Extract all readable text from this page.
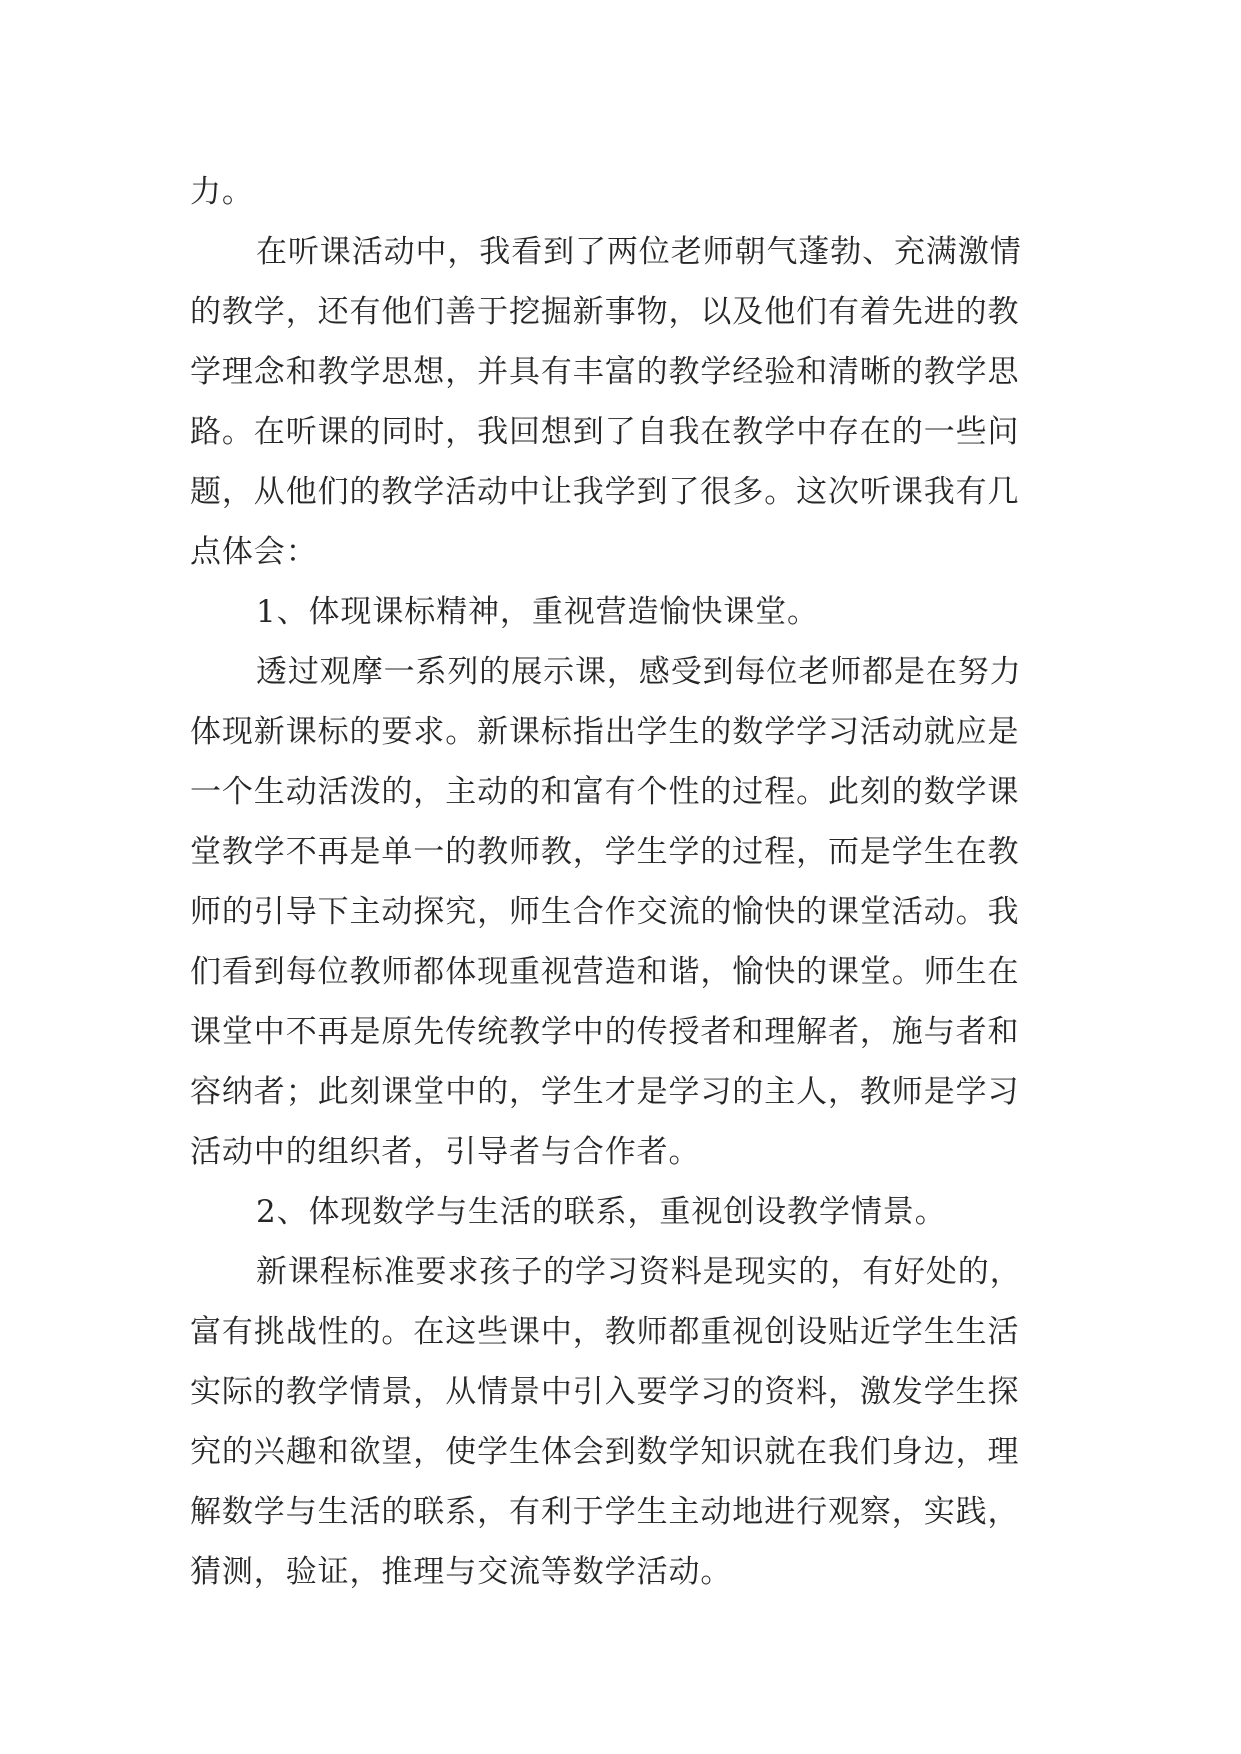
力。
在听课活动中，我看到了两位老师朝气蓬勃、充满激情
的教学，还有他们善于挖掘新事物，以及他们有着先进的教
学理念和教学思想，并具有丰富的教学经验和清晰的教学思
路。在听课的同时，我回想到了自我在教学中存在的一些问
题，从他们的教学活动中让我学到了很多。这次听课我有几
点体会：
1、体现课标精神，重视营造愉快课堂。
透过观摩一系列的展示课，感受到每位老师都是在努力
体现新课标的要求。新课标指出学生的数学学习活动就应是
一个生动活泼的，主动的和富有个性的过程。此刻的数学课
堂教学不再是单一的教师教，学生学的过程，而是学生在教
师的引导下主动探究，师生合作交流的愉快的课堂活动。我
们看到每位教师都体现重视营造和谐，愉快的课堂。师生在
课堂中不再是原先传统教学中的传授者和理解者，施与者和
容纳者；此刻课堂中的，学生才是学习的主人，教师是学习
活动中的组织者，引导者与合作者。
2、体现数学与生活的联系，重视创设教学情景。
新课程标准要求孩子的学习资料是现实的，有好处的，
富有挑战性的。在这些课中，教师都重视创设贴近学生生活
实际的教学情景，从情景中引入要学习的资料，激发学生探
究的兴趣和欲望，使学生体会到数学知识就在我们身边，理
解数学与生活的联系，有利于学生主动地进行观察，实践，
猜测，验证，推理与交流等数学活动。
